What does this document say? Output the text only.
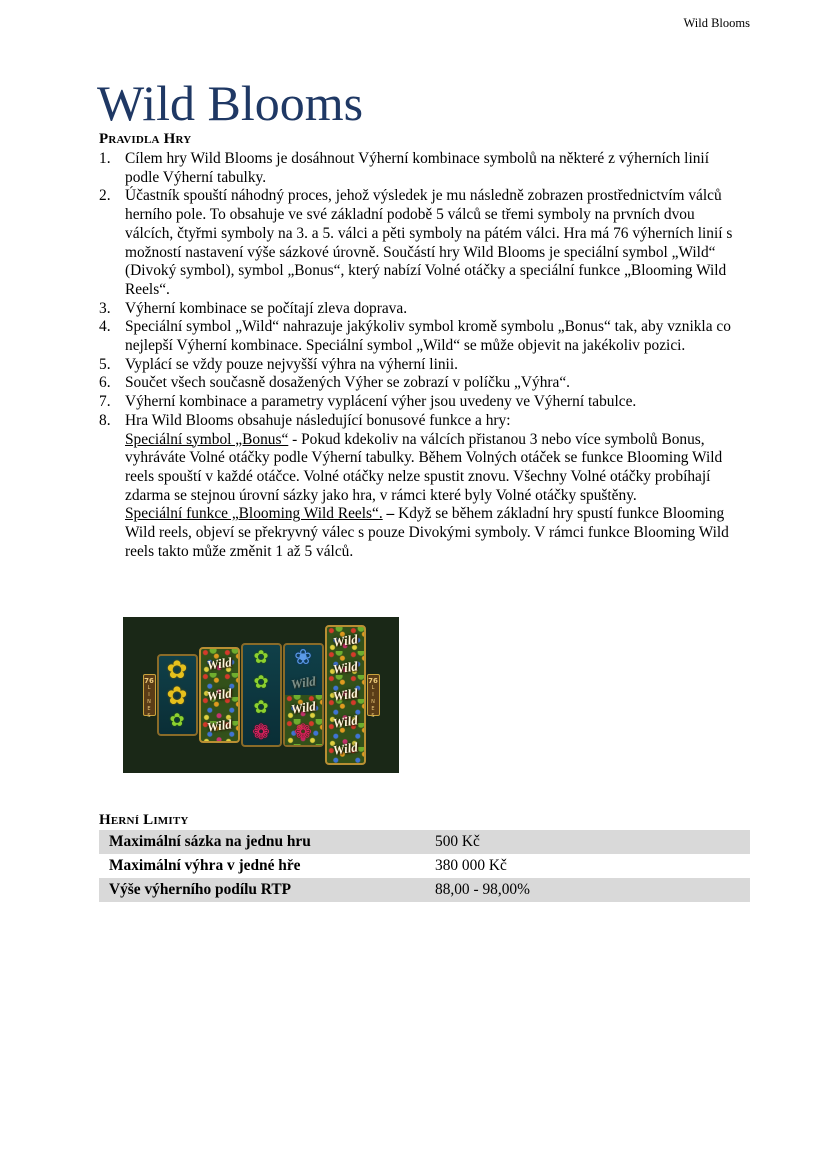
Wild Blooms
Wild Blooms
Pravidla Hry
1. Cílem hry Wild Blooms je dosáhnout Výherní kombinace symbolů na některé z výherních linií podle Výherní tabulky.
2. Účastník spouští náhodný proces, jehož výsledek je mu následně zobrazen prostřednictvím válců herního pole. To obsahuje ve své základní podobě 5 válců se třemi symboly na prvních dvou válcích, čtyřmi symboly na 3. a 5. válci a pěti symboly na pátém válci. Hra má 76 výherních linií s možností nastavení výše sázkové úrovně. Součástí hry Wild Blooms je speciální symbol „Wild“ (Divoký symbol), symbol „Bonus“, který nabízí Volné otáčky a speciální funkce „Blooming Wild Reels“.
3. Výherní kombinace se počítají zleva doprava.
4. Speciální symbol „Wild“ nahrazuje jakýkoliv symbol kromě symbolu „Bonus“ tak, aby vznikla co nejlepší Výherní kombinace. Speciální symbol „Wild“ se může objevit na jakékoliv pozici.
5. Vyplácí se vždy pouze nejvyšší výhra na výherní linii.
6. Součet všech současně dosažených Výher se zobrazí v políčku „Výhra“.
7. Výherní kombinace a parametry vyplácení výher jsou uvedeny ve Výherní tabulce.
8. Hra Wild Blooms obsahuje následující bonusové funkce a hry:

Speciální symbol „Bonus“ - Pokud kdekoliv na válcích přistanou 3 nebo více symbolů Bonus, vyhráváte Volné otáčky podle Výherní tabulky. Během Volných otáček se funkce Blooming Wild reels spouští v každé otáčce. Volné otáčky nelze spustit znovu. Všechny Volné otáčky probíhají zdarma se stejnou úrovní sázky jako hra, v rámci které byly Volné otáčky spuštěny.

Speciální funkce „Blooming Wild Reels“. – Když se během základní hry spustí funkce Blooming Wild reels, objeví se překryvný válec s pouze Divokými symboly. V rámci funkce Blooming Wild reels takto může změnit 1 až 5 válců.

76
LINES
✿
✿
✿
Wild
Wild
Wild
✿
✿
✿
❁
❀
Wild
Wild
❁
Wild
Wild
Wild
Wild
Wild
76
LINES
Herní Limity
Maximální sázka na jednu hru	500 Kč
Maximální výhra v jedné hře	380 000 Kč
Výše výherního podílu RTP	88,00 - 98,00%
